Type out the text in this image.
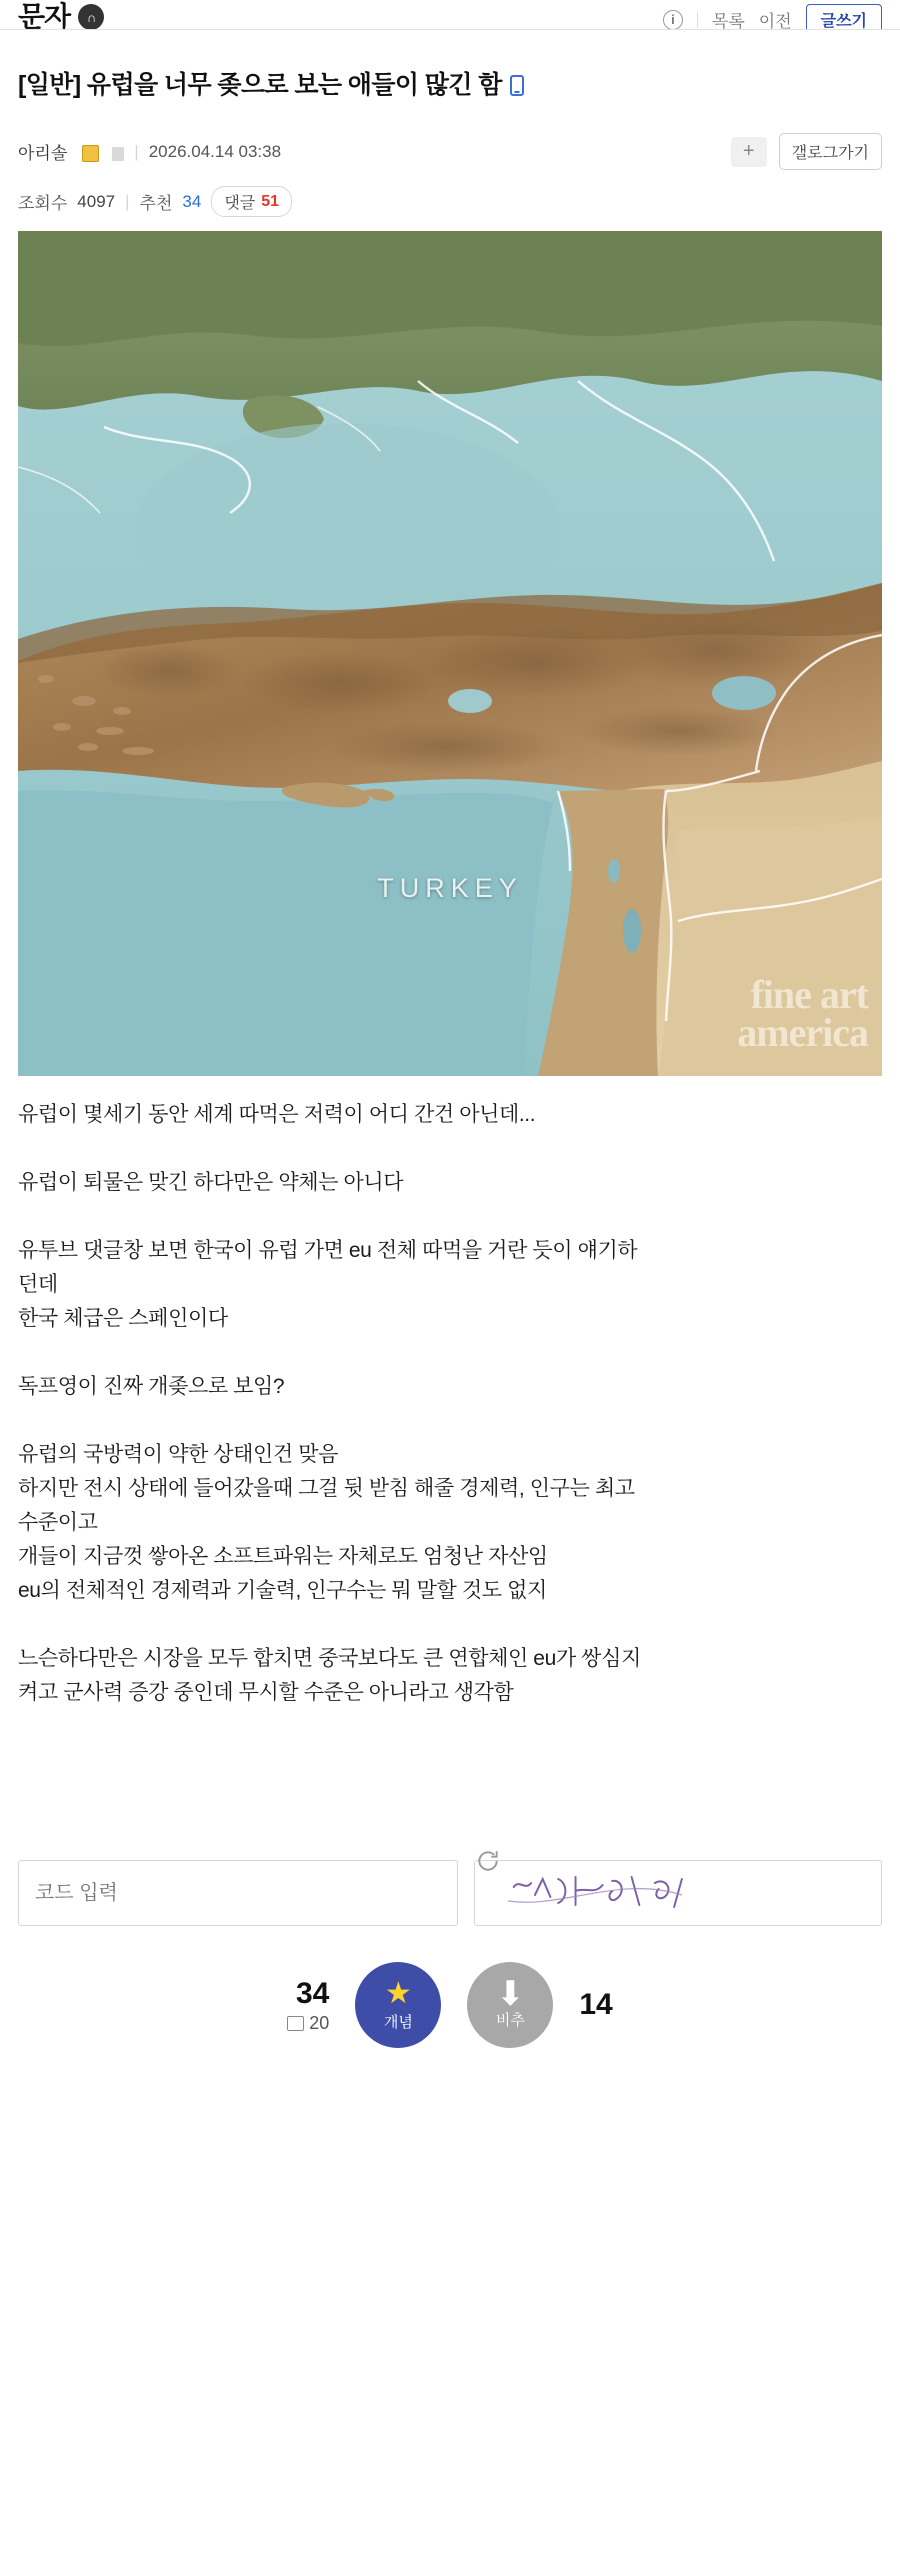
문자	∩	i	목록 이전	글쓰기
[일반] 유럽을 너무 좆으로 보는 애들이 많긴 함
아리솔	| 2026.04.14 03:38	+	갤로그가기
조회수 4097 | 추천 34 댓글 51
TURKEY
fine art
america

유럽이 몇세기 동안 세계 따먹은 저력이 어디 간건 아닌데...

유럽이 퇴물은 맞긴 하다만은 약체는 아니다

유투브 댓글창 보면 한국이 유럽 가면 eu 전체 따먹을 거란 듯이 얘기하

던데

한국 체급은 스페인이다

독프영이 진짜 개좆으로 보임?

유럽의 국방력이 약한 상태인건 맞음

하지만 전시 상태에 들어갔을때 그걸 뒷 받침 해줄 경제력, 인구는 최고

수준이고

개들이 지금껏 쌓아온 소프트파워는 자체로도 엄청난 자산임

eu의 전체적인 경제력과 기술력, 인구수는 뭐 말할 것도 없지

느슨하다만은 시장을 모두 합치면 중국보다도 큰 연합체인 eu가 쌍심지

켜고 군사력 증강 중인데 무시할 수준은 아니라고 생각함

코드 입력
34
20
★
개념
⬇
비추 14
